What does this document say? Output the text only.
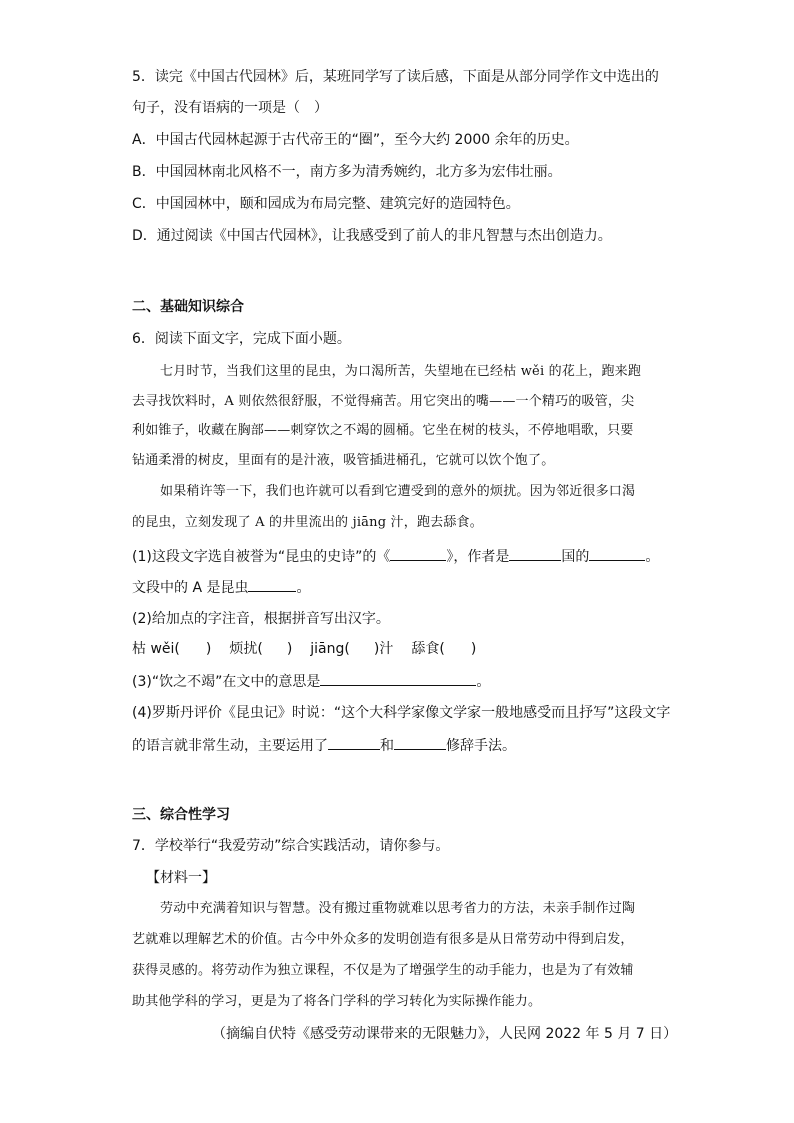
5．读完《中国古代园林》后，某班同学写了读后感，下面是从部分同学作文中选出的
句子，没有语病的一项是（　）
A．中国古代园林起源于古代帝王的“圈”，至今大约 2000 余年的历史。
B．中国园林南北风格不一，南方多为清秀婉约，北方多为宏伟壮丽。
C．中国园林中，颐和园成为布局完整、建筑完好的造园特色。
D．通过阅读《中国古代园林》，让我感受到了前人的非凡智慧与杰出创造力。
二、基础知识综合
6．阅读下面文字，完成下面小题。
七月时节，当我们这里的昆虫，为口渴所苦，失望地在已经枯 wěi 的花上，跑来跑
去寻找饮料时，A 则依然很舒服，不觉得痛苦。用它突出的嘴——一个精巧的吸管，尖
利如锥子，收藏在胸部——刺穿饮之不竭的圆桶。它坐在树的枝头，不停地唱歌，只要
钻通柔滑的树皮，里面有的是汁液，吸管插进桶孔，它就可以饮个饱了。
如果稍许等一下，我们也许就可以看到它遭受到的意外的烦扰。因为邻近很多口渴
的昆虫，立刻发现了 A 的井里流出的 jiāng 汁，跑去舔食。
(1)这段文字选自被誉为“昆虫的史诗”的《	》，作者是	国的	。
文段中的 A 是昆虫	。
(2)给加点的字注音，根据拼音写出汉字。
枯 wěi( ) 烦扰( ) jiāng( )汁 舔食( )
(3)“饮之不竭”在文中的意思是	。
(4)罗斯丹评价《昆虫记》时说：“这个大科学家像文学家一般地感受而且抒写”这段文字
的语言就非常生动，主要运用了	和	修辞手法。
三、综合性学习
7．学校举行“我爱劳动”综合实践活动，请你参与。
【材料一】
劳动中充满着知识与智慧。没有搬过重物就难以思考省力的方法，未亲手制作过陶
艺就难以理解艺术的价值。古今中外众多的发明创造有很多是从日常劳动中得到启发，
获得灵感的。将劳动作为独立课程，不仅是为了增强学生的动手能力，也是为了有效辅
助其他学科的学习，更是为了将各门学科的学习转化为实际操作能力。
（摘编自伏特《感受劳动课带来的无限魅力》，人民网 2022 年 5 月 7 日）
